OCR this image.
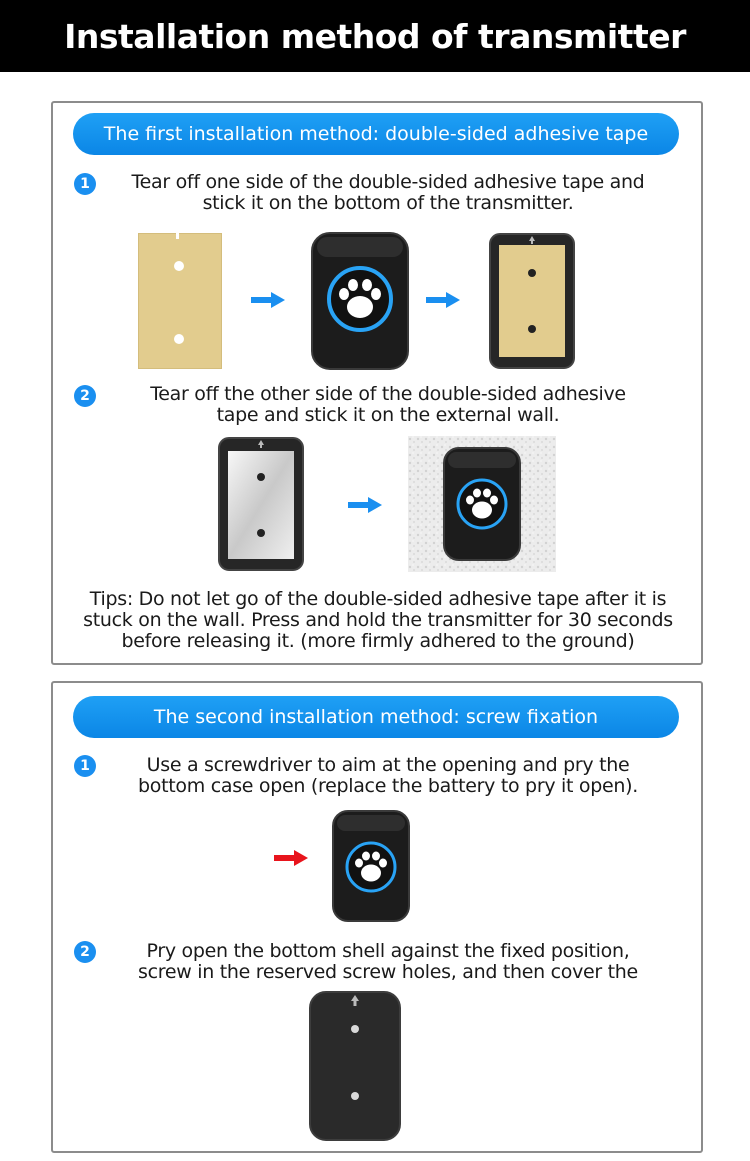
Installation method of transmitter
The first installation method: double-sided adhesive tape
1	Tear off one side of the double-sided adhesive tape and
stick it on the bottom of the transmitter.
2	Tear off the other side of the double-sided adhesive
tape and stick it on the external wall.
Tips: Do not let go of the double-sided adhesive tape after it is
stuck on the wall. Press and hold the transmitter for 30 seconds
before releasing it. (more firmly adhered to the ground)
The second installation method: screw fixation
1	Use a screwdriver to aim at the opening and pry the
bottom case open (replace the battery to pry it open).
2	Pry open the bottom shell against the fixed position,
screw in the reserved screw holes, and then cover the
